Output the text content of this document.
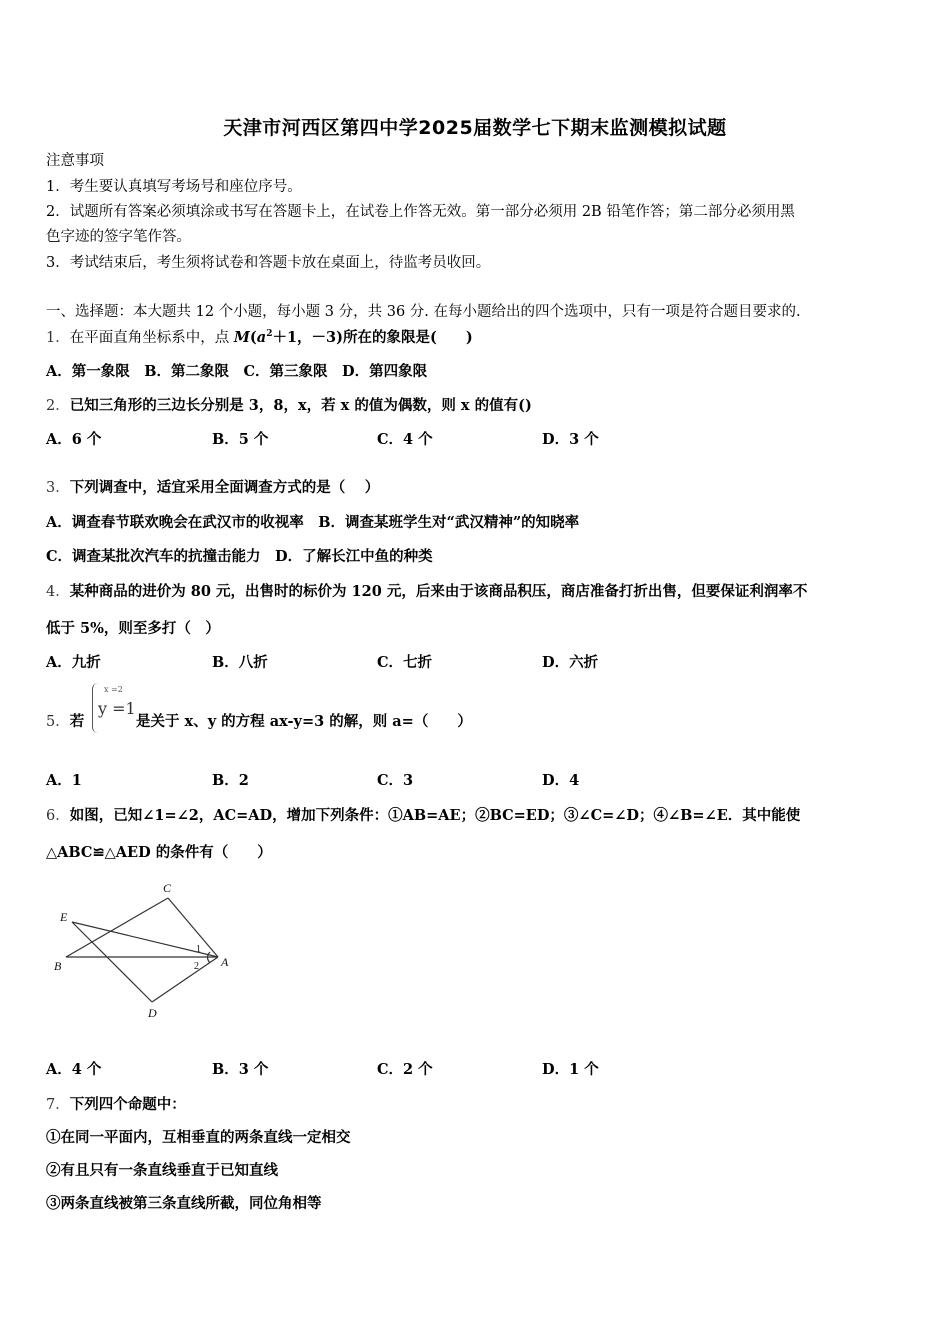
天津市河西区第四中学2025届数学七下期末监测模拟试题
注意事项
1．考生要认真填写考场号和座位序号。
2．试题所有答案必须填涂或书写在答题卡上，在试卷上作答无效。第一部分必须用 2B 铅笔作答；第二部分必须用黑
色字迹的签字笔作答。
3．考试结束后，考生须将试卷和答题卡放在桌面上，待监考员收回。
一、选择题：本大题共 12 个小题，每小题 3 分，共 36 分. 在每小题给出的四个选项中，只有一项是符合题目要求的.
1．在平面直角坐标系中，点 $M(a^2+1$，－3)所在的象限是(　　)
A．第一象限　B．第二象限　C．第三象限　D．第四象限
2．已知三角形的三边长分别是 3，8，x，若 x 的值为偶数，则 x 的值有()
A．6 个	B．5 个	C．4 个	D．3 个
3．下列调查中，适宜采用全面调查方式的是（　 ）
A．调查春节联欢晚会在武汉市的收视率　B．调查某班学生对“武汉精神”的知晓率
C．调查某批次汽车的抗撞击能力　D．了解长江中鱼的种类
4．某种商品的进价为 80 元，出售时的标价为 120 元，后来由于该商品积压，商店准备打折出售，但要保证利润率不
低于 5%，则至多打（　）
A．九折	B．八折	C．七折	D．六折
5．若
x =2
y =1
是关于 x、y 的方程 ax-y=3 的解，则 a=（　　）
A．1	B．2	C．3	D．4
6．如图，已知∠1=∠2，AC=AD，增加下列条件：①AB=AE；②BC=ED；③∠C=∠D；④∠B=∠E．其中能使
△ABC≌△AED 的条件有（　　）
C
E
B	A
D
1
2
A．4 个	B．3 个	C．2 个	D．1 个
7．下列四个命题中：
①在同一平面内，互相垂直的两条直线一定相交
②有且只有一条直线垂直于已知直线
③两条直线被第三条直线所截，同位角相等
